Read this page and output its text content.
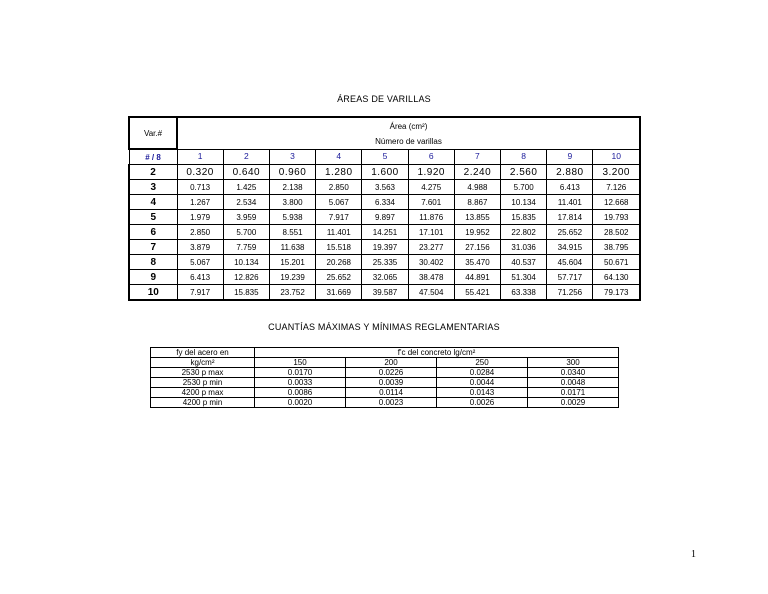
ÁREAS DE VARILLAS
Var.#	Área (cm²)									
	Número de varillas									
# / 8	1	2	3	4	5	6	7	8	9	10
2	0.320	0.640	0.960	1.280	1.600	1.920	2.240	2.560	2.880	3.200
3	0.713	1.425	2.138	2.850	3.563	4.275	4.988	5.700	6.413	7.126
4	1.267	2.534	3.800	5.067	6.334	7.601	8.867	10.134	11.401	12.668
5	1.979	3.959	5.938	7.917	9.897	11.876	13.855	15.835	17.814	19.793
6	2.850	5.700	8.551	11.401	14.251	17.101	19.952	22.802	25.652	28.502
7	3.879	7.759	11.638	15.518	19.397	23.277	27.156	31.036	34.915	38.795
8	5.067	10.134	15.201	20.268	25.335	30.402	35.470	40.537	45.604	50.671
9	6.413	12.826	19.239	25.652	32.065	38.478	44.891	51.304	57.717	64.130
10	7.917	15.835	23.752	31.669	39.587	47.504	55.421	63.338	71.256	79.173
CUANTÍAS MÁXIMAS Y MÍNIMAS REGLAMENTARIAS
fy del acero en	f'c del concreto lg/cm²			
kg/cm²	150	200	250	300
2530 p max	0.0170	0.0226	0.0284	0.0340
2530 p min	0.0033	0.0039	0.0044	0.0048
4200 p max	0.0086	0.0114	0.0143	0.0171
4200 p min	0.0020	0.0023	0.0026	0.0029
1
